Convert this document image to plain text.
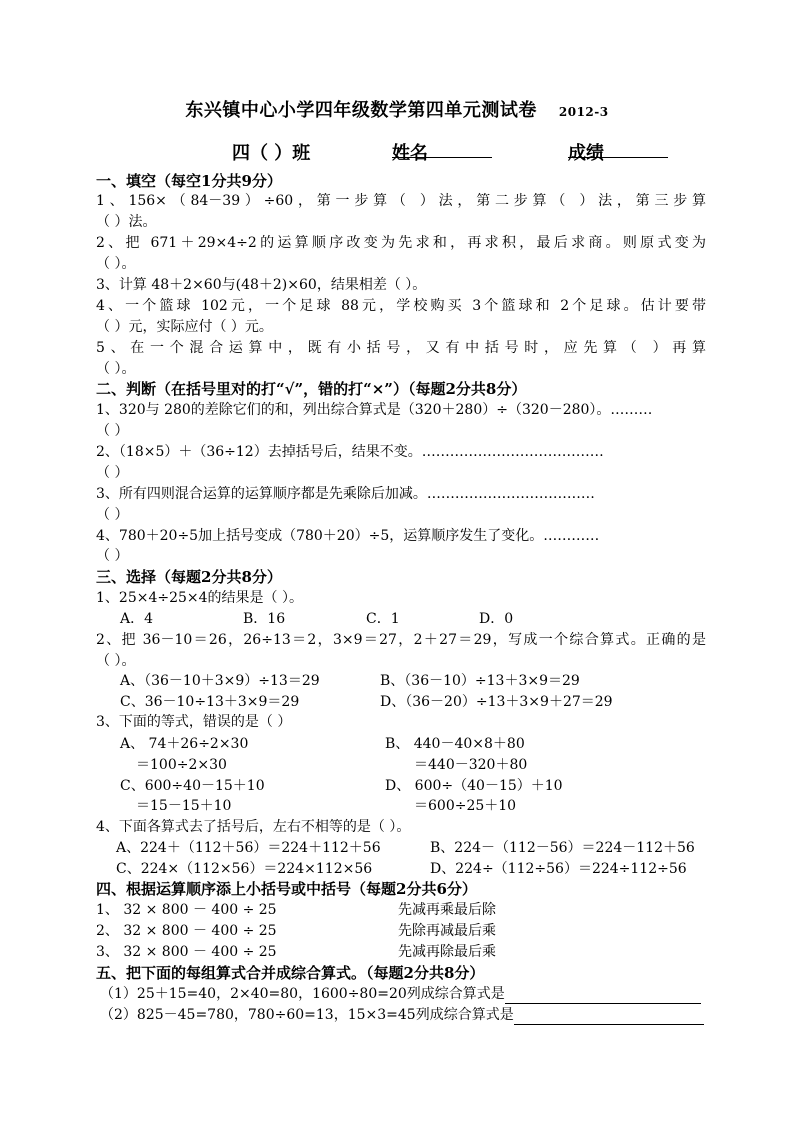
东兴镇中心小学四年级数学第四单元测试卷 2012-3
四（ ）班	姓名	成绩
一、填空（每空1分共9分）
1、156×（84－39）÷60，第一步算（ ）法，第二步算（ ）法，第三步算
（ ）法。
2、把 671＋29×4÷2的运算顺序改变为先求和，再求积，最后求商。则原式变为
（ ）。
3、计算 48＋2×60与(48＋2)×60，结果相差（ ）。
4、一个篮球 102元，一个足球 88元，学校购买 3个篮球和 2个足球。估计要带
（ ）元，实际应付（ ）元。
5、在一个混合运算中，既有小括号，又有中括号时，应先算（ ）再算
（ ）。
二、判断（在括号里对的打“√”，错的打“×”）（每题2分共8分）
1、320与 280的差除它们的和，列出综合算式是（320＋280）÷（320－280）。………
（ ）
2、（18×5）＋（36÷12）去掉括号后，结果不变。…………………………………
（ ）
3、所有四则混合运算的运算顺序都是先乘除后加减。………………………………
（ ）
4、780＋20÷5加上括号变成（780＋20）÷5，运算顺序发生了变化。…………
（ ）
三、选择（每题2分共8分）
1、25×4÷25×4的结果是（ ）。
A．4	B．16	C．1	D．0
2、把 36－10＝26，26÷13＝2，3×9＝27，2＋27＝29，写成一个综合算式。正确的是
（ ）。
A、（36－10＋3×9）÷13＝29	B、（36－10）÷13＋3×9＝29
C、36－10÷13＋3×9＝29	D、（36－20）÷13＋3×9＋27＝29
3、下面的等式，错误的是（ ）
A、 74＋26÷2×30
＝100÷2×30
B、 440－40×8＋80
＝440－320＋80
C、600÷40－15＋10
＝15－15＋10
D、 600÷（40－15）＋10
＝600÷25＋10
4、下面各算式去了括号后，左右不相等的是（ ）。
A、224＋（112＋56）＝224＋112＋56	B、224－（112－56）＝224－112＋56
C、224×（112×56）＝224×112×56	D、224÷（112÷56）＝224÷112÷56
四、根据运算顺序添上小括号或中括号（每题2分共6分）
1、 32 × 800 － 400 ÷ 25	先减再乘最后除
2、 32 × 800 － 400 ÷ 25	先除再减最后乘
3、 32 × 800 － 400 ÷ 25	先减再除最后乘
五、把下面的每组算式合并成综合算式。（每题2分共8分）
（1）25＋15=40，2×40=80，1600÷80=20列成综合算式是
（2）825－45=780，780÷60=13，15×3=45列成综合算式是
